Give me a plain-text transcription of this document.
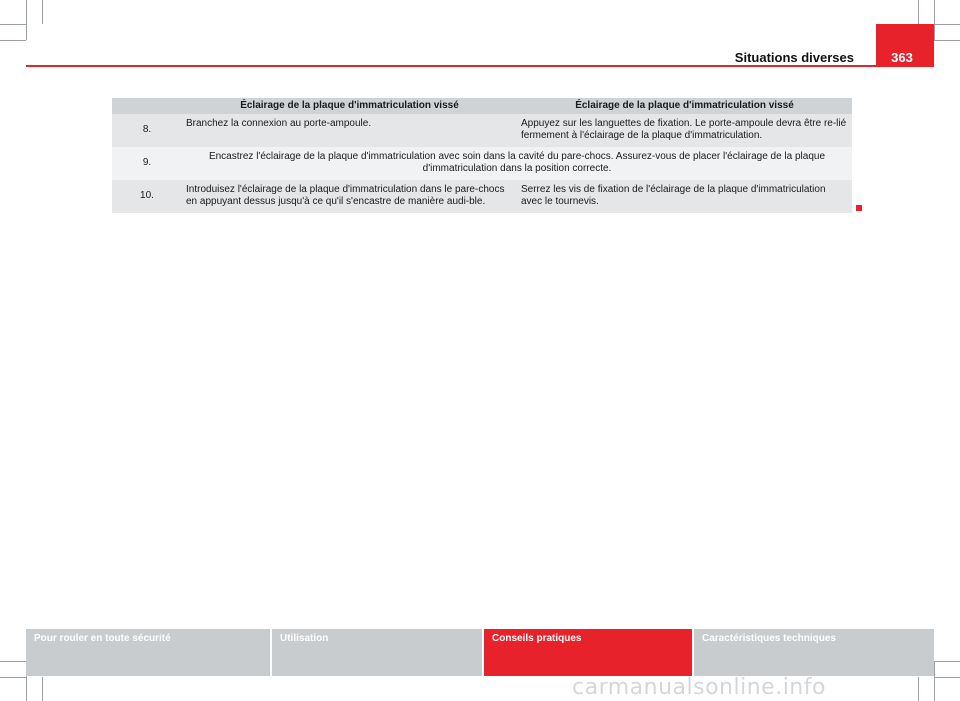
363
Situations diverses
	Éclairage de la plaque d'immatriculation vissé	Éclairage de la plaque d'immatriculation vissé
8.	Branchez la connexion au porte-ampoule.	Appuyez sur les languettes de fixation. Le porte-ampoule devra être re-lié fermement à l'éclairage de la plaque d'immatriculation.
9.	Encastrez l'éclairage de la plaque d'immatriculation avec soin dans la cavité du pare-chocs. Assurez-vous de placer l'éclairage de la plaque d'immatriculation dans la position correcte.	
10.	Introduisez l'éclairage de la plaque d'immatriculation dans le pare-chocs en appuyant dessus jusqu'à ce qu'il s'encastre de manière audi-ble.	Serrez les vis de fixation de l'éclairage de la plaque d'immatriculation avec le tournevis.
Pour rouler en toute sécurité	Utilisation	Conseils pratiques	Caractéristiques techniques
carmanualsonline.info
